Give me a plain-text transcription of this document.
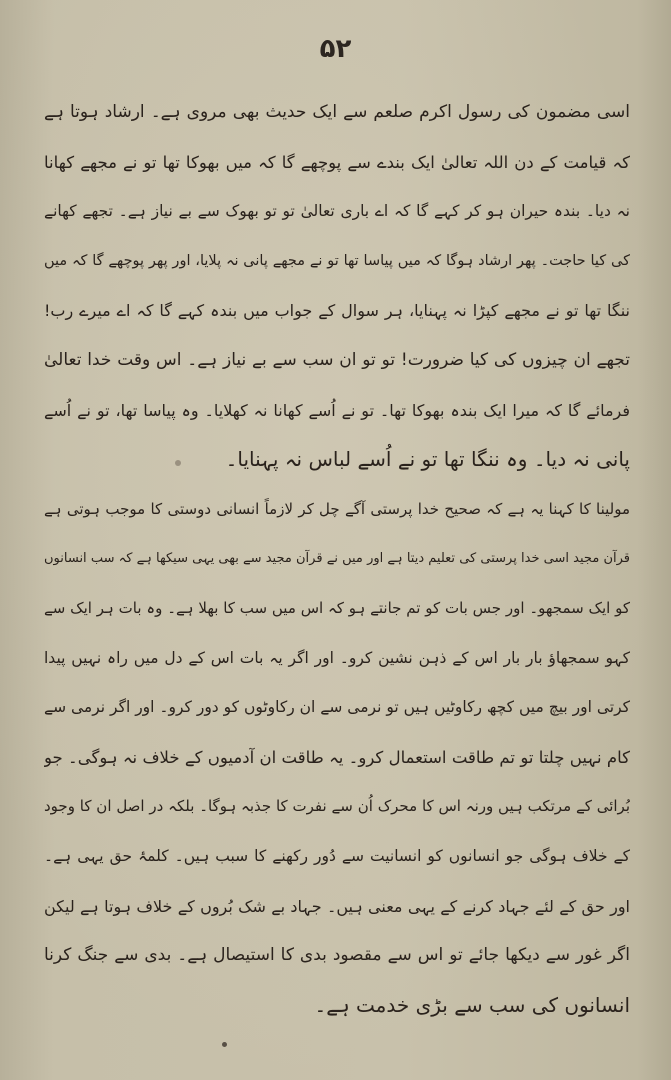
۵۲
اسی مضمون کی رسول اکرم صلعم سے ایک حدیث بھی مروی ہے۔ ارشاد ہوتا ہے
کہ قیامت کے دن اللہ تعالیٰ ایک بندے سے پوچھے گا کہ میں بھوکا تھا تو نے مجھے کھانا
نہ دیا۔ بندہ حیران ہو کر کہے گا کہ اے باری تعالیٰ تو تو بھوک سے بے نیاز ہے۔ تجھے کھانے
کی کیا حاجت۔ پھر ارشاد ہوگا کہ میں پیاسا تھا تو نے مجھے پانی نہ پلایا، اور پھر پوچھے گا کہ میں
ننگا تھا تو نے مجھے کپڑا نہ پہنایا، ہر سوال کے جواب میں بندہ کہے گا کہ اے میرے رب!
تجھے ان چیزوں کی کیا ضرورت! تو تو ان سب سے بے نیاز ہے۔ اس وقت خدا تعالیٰ
فرمائے گا کہ میرا ایک بندہ بھوکا تھا۔ تو نے اُسے کھانا نہ کھلایا۔ وہ پیاسا تھا، تو نے اُسے
پانی نہ دیا۔ وہ ننگا تھا تو نے اُسے لباس نہ پہنایا۔
مولینا کا کہنا یہ ہے کہ صحیح خدا پرستی آگے چل کر لازماً انسانی دوستی کا موجب ہوتی ہے
قرآن مجید اسی خدا پرستی کی تعلیم دیتا ہے اور میں نے قرآن مجید سے بھی یہی سیکھا ہے کہ سب انسانوں
کو ایک سمجھو۔ اور جس بات کو تم جانتے ہو کہ اس میں سب کا بھلا ہے۔ وہ بات ہر ایک سے
کہو سمجھاؤ بار بار اس کے ذہن نشین کرو۔ اور اگر یہ بات اس کے دل میں راہ نہیں پیدا
کرتی اور بیچ میں کچھ رکاوٹیں ہیں تو نرمی سے ان رکاوٹوں کو دور کرو۔ اور اگر نرمی سے
کام نہیں چلتا تو تم طاقت استعمال کرو۔ یہ طاقت ان آدمیوں کے خلاف نہ ہوگی۔ جو
بُرائی کے مرتکب ہیں ورنہ اس کا محرک اُن سے نفرت کا جذبہ ہوگا۔ بلکہ در اصل ان کا وجود
کے خلاف ہوگی جو انسانوں کو انسانیت سے دُور رکھنے کا سبب ہیں۔ کلمۂ حق یہی ہے۔
اور حق کے لئے جہاد کرنے کے یہی معنی ہیں۔ جہاد بے شک بُروں کے خلاف ہوتا ہے لیکن
اگر غور سے دیکھا جائے تو اس سے مقصود بدی کا استیصال ہے۔ بدی سے جنگ کرنا
انسانوں کی سب سے بڑی خدمت ہے۔
